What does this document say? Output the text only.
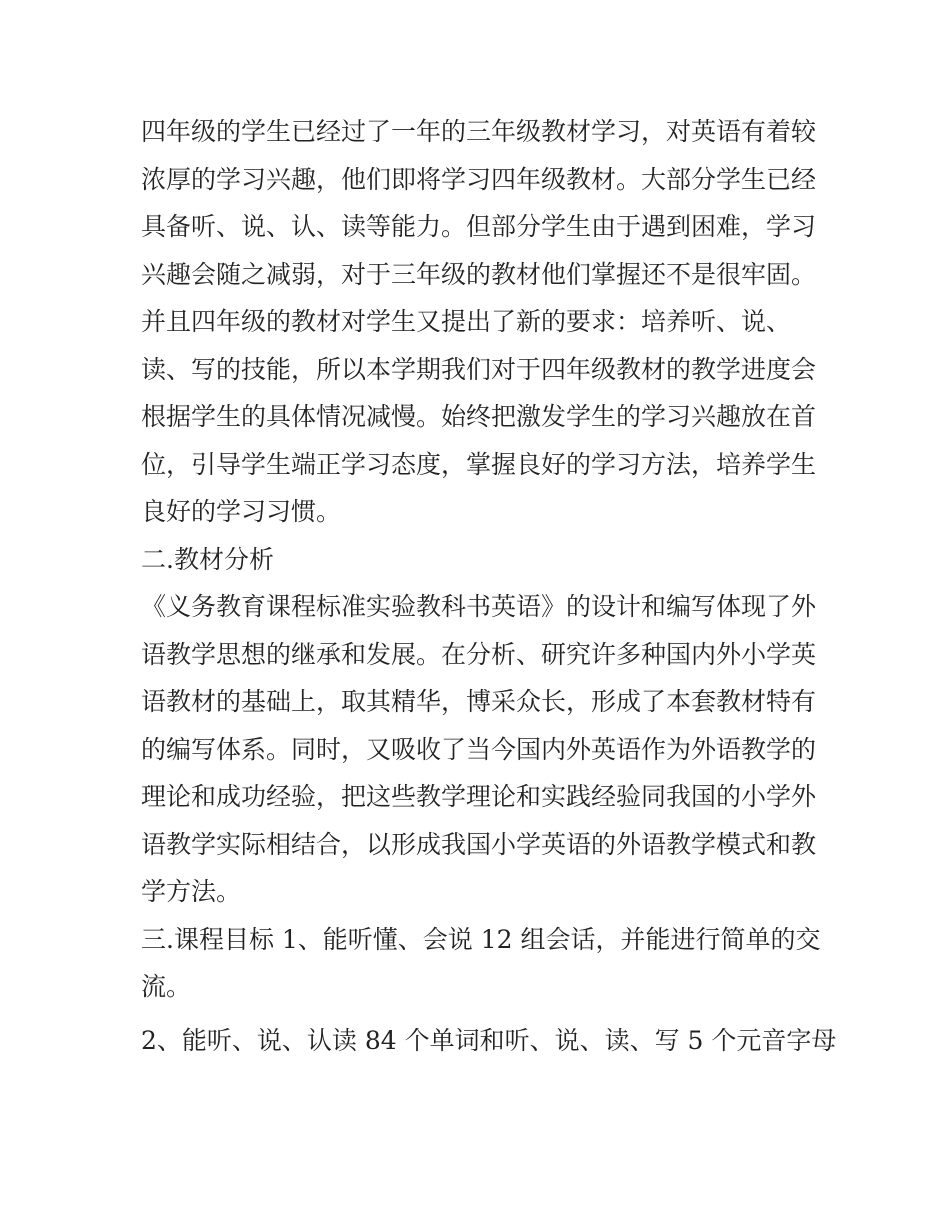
四年级的学生已经过了一年的三年级教材学习，对英语有着较
浓厚的学习兴趣，他们即将学习四年级教材。大部分学生已经
具备听、说、认、读等能力。但部分学生由于遇到困难，学习
兴趣会随之减弱，对于三年级的教材他们掌握还不是很牢固。
并且四年级的教材对学生又提出了新的要求：培养听、说、
读、写的技能，所以本学期我们对于四年级教材的教学进度会
根据学生的具体情况减慢。始终把激发学生的学习兴趣放在首
位，引导学生端正学习态度，掌握良好的学习方法，培养学生
良好的学习习惯。
二.教材分析
《义务教育课程标准实验教科书英语》的设计和编写体现了外
语教学思想的继承和发展。在分析、研究许多种国内外小学英
语教材的基础上，取其精华，博采众长，形成了本套教材特有
的编写体系。同时，又吸收了当今国内外英语作为外语教学的
理论和成功经验，把这些教学理论和实践经验同我国的小学外
语教学实际相结合，以形成我国小学英语的外语教学模式和教
学方法。
三.课程目标 1、能听懂、会说 12 组会话，并能进行简单的交
流。
2、能听、说、认读 84 个单词和听、说、读、写 5 个元音字母
